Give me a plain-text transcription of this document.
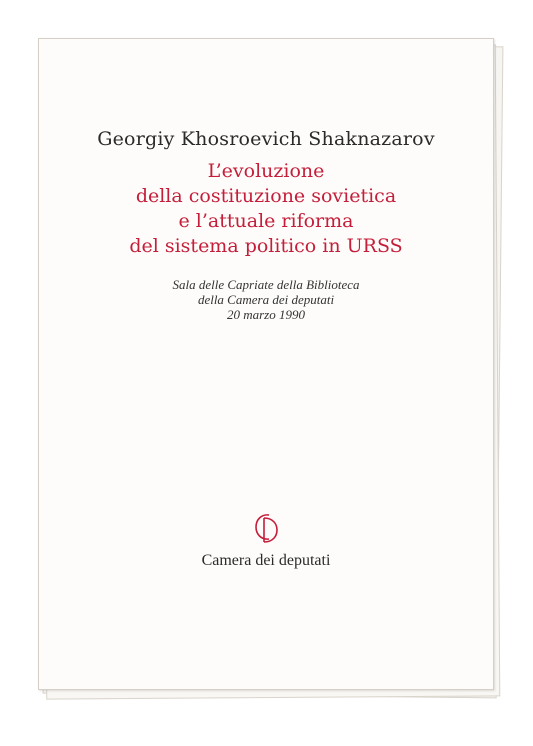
Georgiy Khosroevich Shaknazarov
L’evoluzione
della costituzione sovietica
e l’attuale riforma
del sistema politico in URSS
Sala delle Capriate della Biblioteca
della Camera dei deputati
20 marzo 1990
Camera dei deputati
